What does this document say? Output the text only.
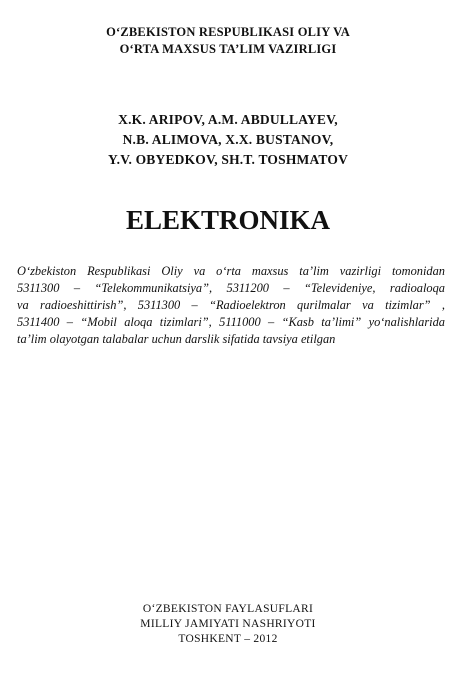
O‘ZBEKISTON RESPUBLIKASI OLIY VA
O‘RTA MAXSUS TA’LIM VAZIRLIGI
X.K. ARIPOV, A.M. ABDULLAYEV,
N.B. ALIMOVA, X.X. BUSTANOV,
Y.V. OBYEDKOV, SH.T. TOSHMATOV
ELEKTRONIKA
O‘zbekiston Respublikasi Oliy va o‘rta maxsus ta’lim vazirligi tomonidan
5311300 – “Telekommunikatsiya”, 5311200 – “Televideniye, radioaloqa
va radioeshittirish”, 5311300 – “Radioelektron qurilmalar va tizimlar” ,
5311400 – “Mobil aloqa tizimlari”, 5111000 – “Kasb ta’limi” yo‘nalishlarida
ta’lim olayotgan talabalar uchun darslik sifatida tavsiya etilgan
O‘ZBEKISTON FAYLASUFLARI
MILLIY JAMIYATI NASHRIYOTI
TOSHKENT – 2012
